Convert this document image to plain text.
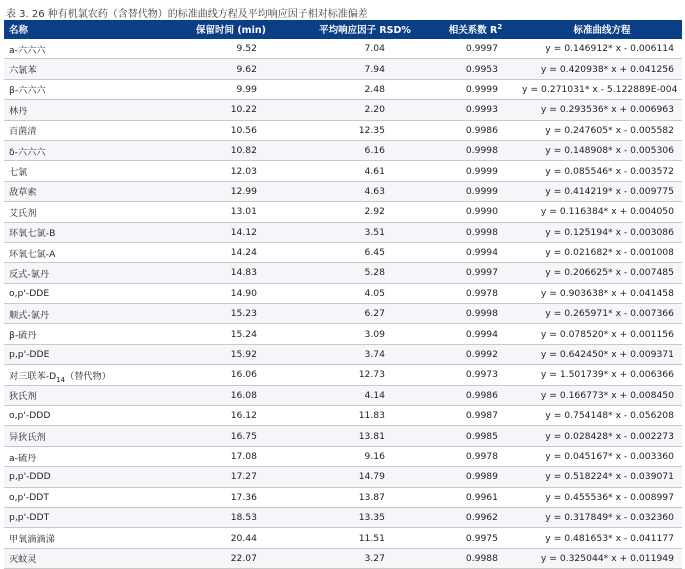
表 3. 26 种有机氯农药（含替代物）的标准曲线方程及平均响应因子相对标准偏差
名称	保留时间 (min)	平均响应因子 RSD%	相关系数 $R^2$	标准曲线方程
a-六六六	9.52	7.04	0.9997	y = 0.146912* x - 0.006114
六氯苯	9.62	7.94	0.9953	y = 0.420938* x + 0.041256
β-六六六	9.99	2.48	0.9999	y = 0.271031* x - 5.122889E-004
林丹	10.22	2.20	0.9993	y = 0.293536* x + 0.006963
百菌清	10.56	12.35	0.9986	y = 0.247605* x - 0.005582
δ-六六六	10.82	6.16	0.9998	y = 0.148908* x - 0.005306
七氯	12.03	4.61	0.9999	y = 0.085546* x - 0.003572
敌草索	12.99	4.63	0.9999	y = 0.414219* x - 0.009775
艾氏剂	13.01	2.92	0.9990	y = 0.116384* x + 0.004050
环氧七氯-B	14.12	3.51	0.9998	y = 0.125194* x - 0.003086
环氧七氯-A	14.24	6.45	0.9994	y = 0.021682* x - 0.001008
反式-氯丹	14.83	5.28	0.9997	y = 0.206625* x - 0.007485
o,p'-DDE	14.90	4.05	0.9978	y = 0.903638* x + 0.041458
顺式-氯丹	15.23	6.27	0.9998	y = 0.265971* x - 0.007366
β-硫丹	15.24	3.09	0.9994	y = 0.078520* x + 0.001156
p,p'-DDE	15.92	3.74	0.9992	y = 0.642450* x + 0.009371
对三联苯$-D_{14}$（替代物）	16.06	12.73	0.9973	y = 1.501739* x + 0.006366
狄氏剂	16.08	4.14	0.9986	y = 0.166773* x + 0.008450
o,p'-DDD	16.12	11.83	0.9987	y = 0.754148* x - 0.056208
异狄氏剂	16.75	13.81	0.9985	y = 0.028428* x - 0.002273
a-硫丹	17.08	9.16	0.9978	y = 0.045167* x - 0.003360
p,p'-DDD	17.27	14.79	0.9989	y = 0.518224* x - 0.039071
o,p'-DDT	17.36	13.87	0.9961	y = 0.455536* x - 0.008997
p,p'-DDT	18.53	13.35	0.9962	y = 0.317849* x - 0.032360
甲氧滴滴涕	20.44	11.51	0.9975	y = 0.481653* x - 0.041177
灭蚊灵	22.07	3.27	0.9988	y = 0.325044* x + 0.011949
